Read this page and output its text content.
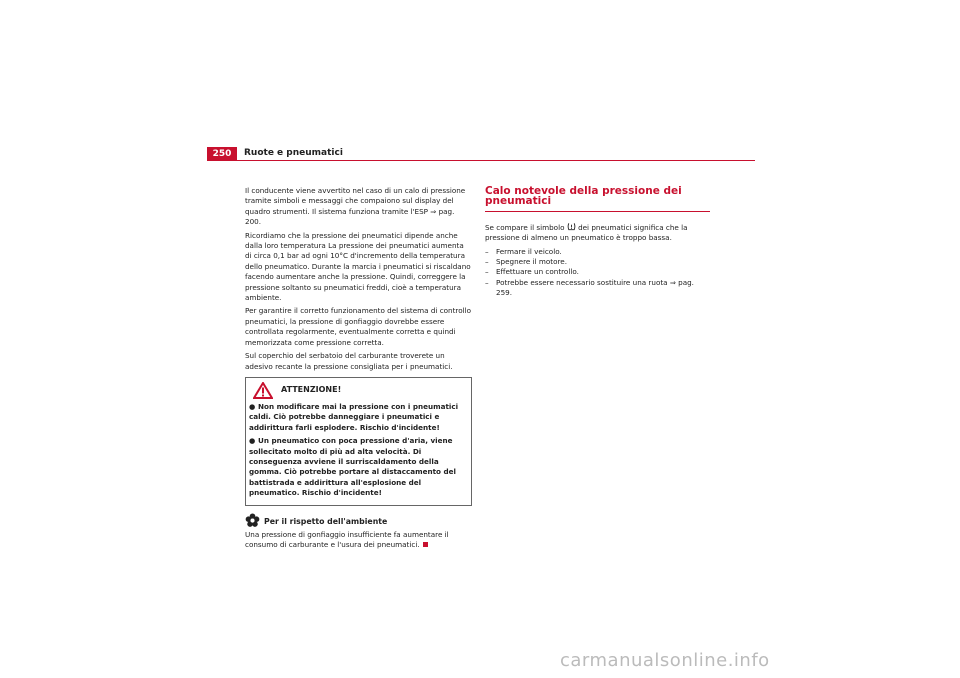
250	Ruote e pneumatici

Il conducente viene avvertito nel caso di un calo di pressione tramite simboli e messaggi che compaiono sul display del quadro strumenti. Il sistema funziona tramite l'ESP ⇒ pag. 200.

Ricordiamo che la pressione dei pneumatici dipende anche dalla loro temperatura La pressione dei pneumatici aumenta di circa 0,1 bar ad ogni 10°C d'incremento della temperatura dello pneumatico. Durante la marcia i pneumatici si riscaldano facendo aumentare anche la pressione. Quindi, correggere la pressione soltanto su pneumatici freddi, cioè a temperatura ambiente.

Per garantire il corretto funzionamento del sistema di controllo pneumatici, la pressione di gonfiaggio dovrebbe essere controllata regolarmente, eventualmente corretta e quindi memorizzata come pressione corretta.

Sul coperchio del serbatoio del carburante troverete un adesivo recante la pressione consigliata per i pneumatici.

ATTENZIONE!

● Non modificare mai la pressione con i pneumatici caldi. Ciò potrebbe danneggiare i pneumatici e addirittura farli esplodere. Rischio d'incidente!

● Un pneumatico con poca pressione d'aria, viene sollecitato molto di più ad alta velocità. Di conseguenza avviene il surriscaldamento della gomma. Ciò potrebbe portare al distaccamento del battistrada e addirittura all'esplosione del pneumatico. Rischio d'incidente!

Per il rispetto dell'ambiente

Una pressione di gonfiaggio insufficiente fa aumentare il consumo di carburante e l'usura dei pneumatici.

Calo notevole della pressione dei pneumatici

Se compare il simbolo dei pneumatici significa che la pressione di almeno un pneumatico è troppo bassa.

–	Fermare il veicolo.
–	Spegnere il motore.
–	Effettuare un controllo.
–	Potrebbe essere necessario sostituire una ruota ⇒ pag. 259.
carmanualsonline.info
